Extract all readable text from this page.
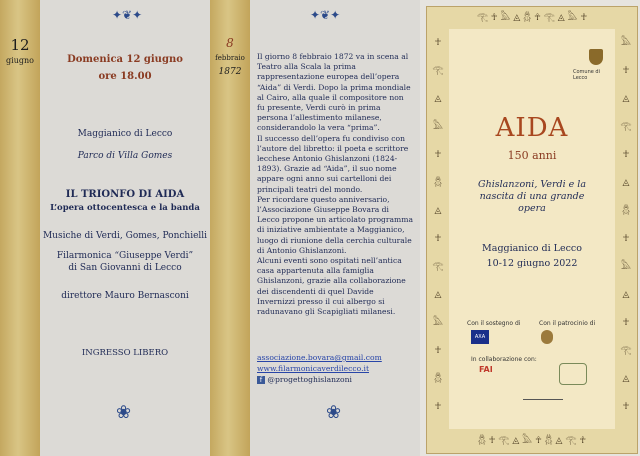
12
giugno
✦❦✦
Domenica 12 giugno
ore 18.00
Maggianico di Lecco
Parco di Villa Gomes
IL TRIONFO DI AIDA
L’opera ottocentesca e la banda
Musiche di Verdi, Gomes, Ponchielli
Filarmonica “Giuseppe Verdi”
di San Giovanni di Lecco
direttore Mauro Bernasconi
INGRESSO LIBERO
❀
8
febbraio
1872
✦❦✦

Il giorno 8 febbraio 1872 va in scena al Teatro alla Scala la prima rappresentazione europea dell’opera “Aida” di Verdi. Dopo la prima mondiale al Cairo, alla quale il compositore non fu presente, Verdi curò in prima persona l’allestimento milanese, considerandolo la vera “prima”.

Il successo dell’opera fu condiviso con l’autore del libretto: il poeta e scrittore lecchese Antonio Ghislanzoni (1824-1893). Grazie ad “Aida”, il suo nome appare ogni anno sui cartelloni dei principali teatri del mondo.

Per ricordare questo anniversario, l’Associazione Giuseppe Bovara di Lecco propone un articolato programma di iniziative ambientate a Maggianico, luogo di riunione della cerchia culturale di Antonio Ghislanzoni.

Alcuni eventi sono ospitati nell’antica casa appartenuta alla famiglia Ghislanzoni, grazie alla collaborazione dei discendenti di quel Davide Invernizzi presso il cui albergo si radunavano gli Scapigliati milanesi.

associazione.bovara@gmail.com
www.filarmonicaverdilecco.it
f @progettoghislanzoni
❀
𓂀 ☥ 𓅓 ◬ 𓆣 ☥ 𓂀 ◬ 𓅓 ☥
𓆣 ☥ 𓂀 ◬ 𓅓 ☥ 𓆣 ◬ 𓂀 ☥
☥
𓂀
◬
𓅓
☥
𓆣
◬
☥
𓂀
◬
𓅓
☥
𓆣
☥
𓅓
☥
◬
𓂀
☥
◬
𓆣
☥
𓅓
◬
☥
𓂀
◬
☥
Comune di Lecco
AIDA
150 anni
Ghislanzoni, Verdi e la nascita di una grande opera
Maggianico di Lecco
10-12 giugno 2022
Con il sostegno di
AXA
Con il patrocinio di
In collaborazione con:
FAI
